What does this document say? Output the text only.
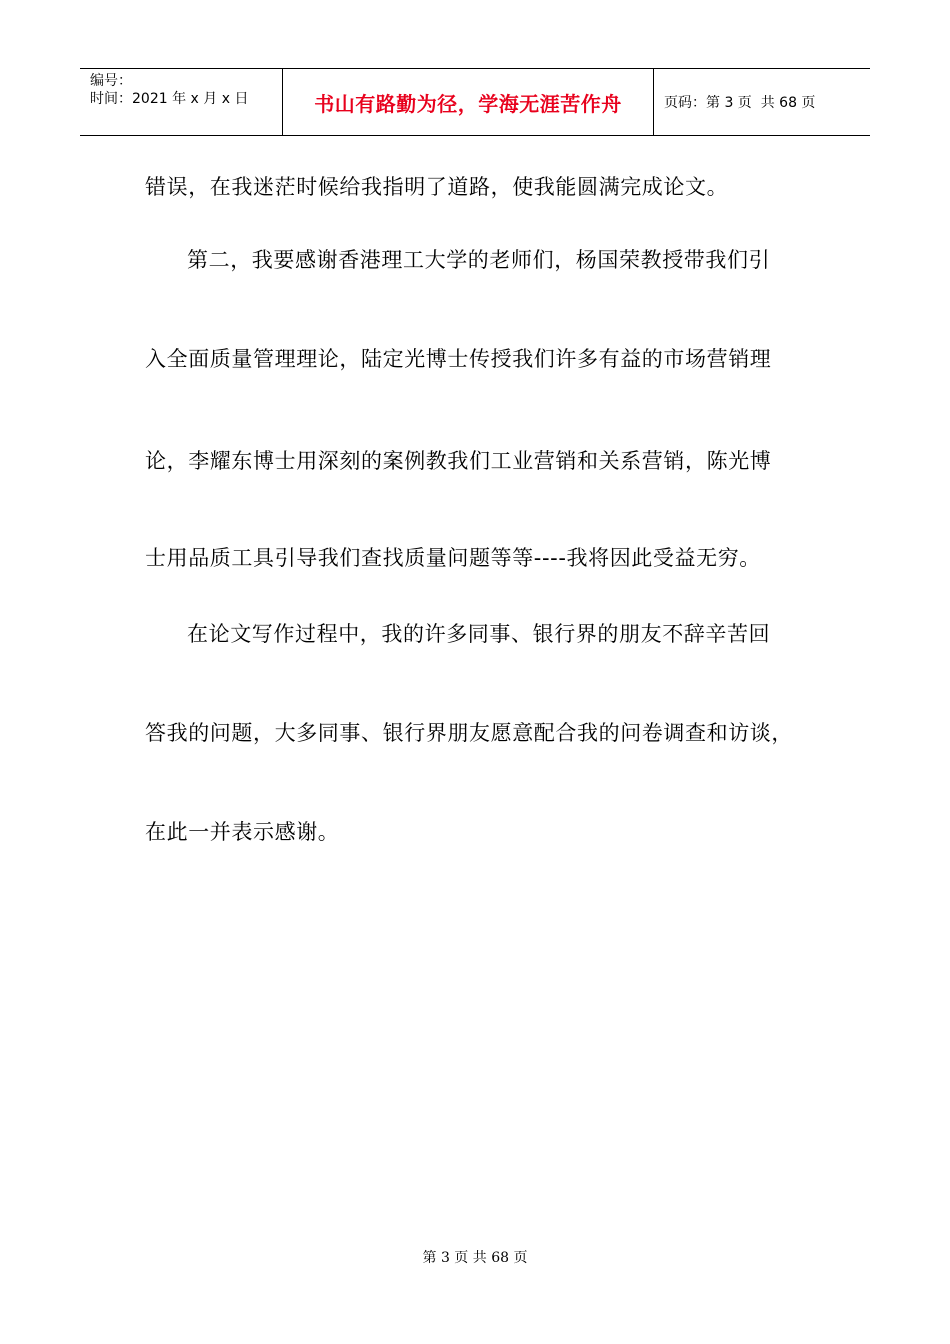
编号：
时间：2021 年 x 月 x 日	书山有路勤为径，学海无涯苦作舟	页码：第 3 页  共 68 页

错误，在我迷茫时候给我指明了道路，使我能圆满完成论文。

第二，我要感谢香港理工大学的老师们，杨国荣教授带我们引

入全面质量管理理论，陆定光博士传授我们许多有益的市场营销理

论，李耀东博士用深刻的案例教我们工业营销和关系营销，陈光博

士用品质工具引导我们查找质量问题等等----我将因此受益无穷。

在论文写作过程中，我的许多同事、银行界的朋友不辞辛苦回

答我的问题，大多同事、银行界朋友愿意配合我的问卷调查和访谈，

在此一并表示感谢。

第 3 页 共 68 页
